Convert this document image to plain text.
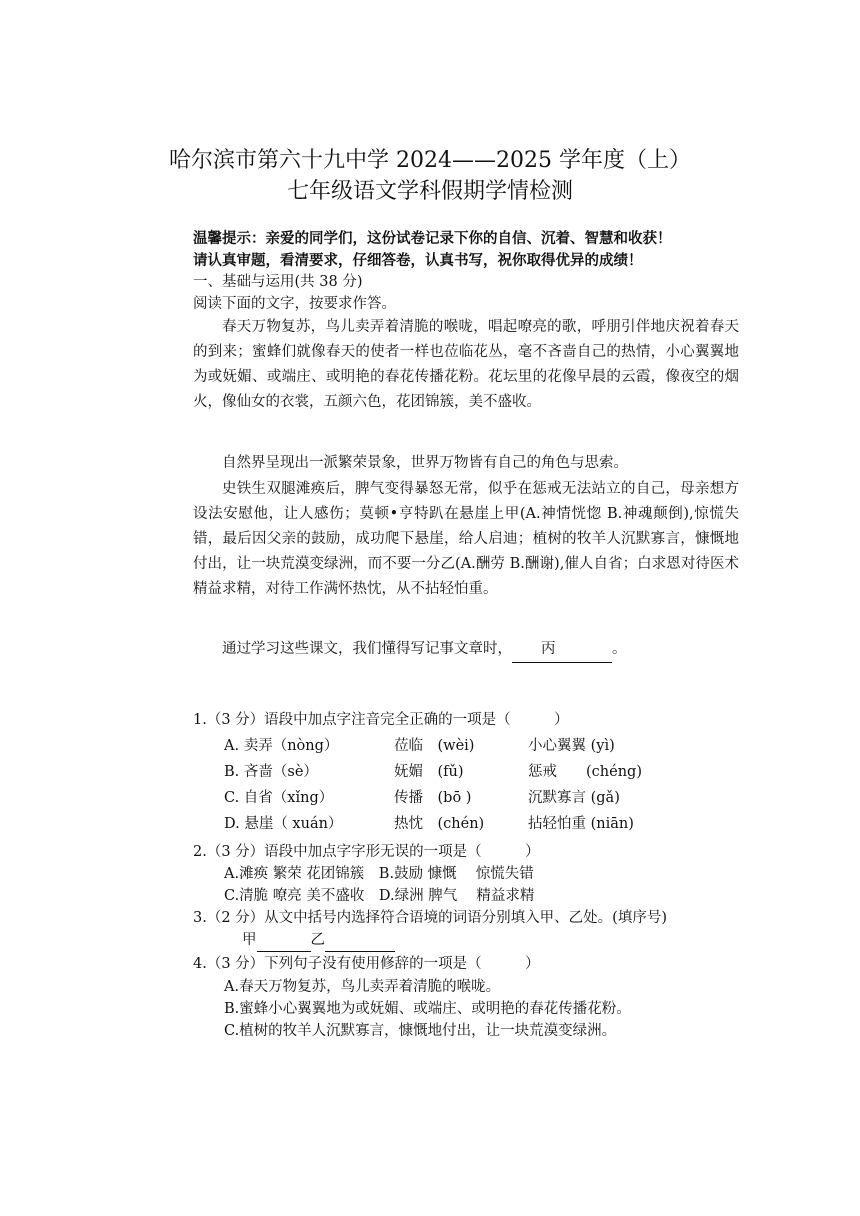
哈尔滨市第六十九中学 2024——2025 学年度（上）
七年级语文学科假期学情检测
温馨提示：亲爱的同学们，这份试卷记录下你的自信、沉着、智慧和收获！
请认真审题，看清要求，仔细答卷，认真书写，祝你取得优异的成绩！
一、基础与运用(共 38 分)
阅读下面的文字，按要求作答。
春天万物复苏，鸟儿卖弄着清脆的喉咙，唱起嘹亮的歌，呼朋引伴地庆祝着春天的到来；蜜蜂们就像春天的使者一样也莅临花丛，毫不吝啬自己的热情，小心翼翼地为或妩媚、或端庄、或明艳的春花传播花粉。花坛里的花像早晨的云霞，像夜空的烟火，像仙女的衣裳，五颜六色，花团锦簇，美不盛收。
自然界呈现出一派繁荣景象，世界万物皆有自己的角色与思索。
史铁生双腿滩痪后，脾气变得暴怒无常，似乎在惩戒无法站立的自己，母亲想方设法安慰他，让人感伤；莫顿•亨特趴在悬崖上甲(A.神情恍惚 B.神魂颠倒),惊慌失错，最后因父亲的鼓励，成功爬下悬崖，给人启迪；植树的牧羊人沉默寡言，慷慨地付出，让一块荒漠变绿洲，而不要一分乙(A.酬劳 B.酬谢),催人自省；白求恩对待医术精益求精，对待工作满怀热忱，从不拈轻怕重。
通过学习这些课文，我们懂得写记事文章时， 丙	。
1.（3 分）语段中加点字注音完全正确的一项是（　　　）
A. 卖弄（nòng）	莅临　(wèi)	小心翼翼 (yì)
B. 吝啬（sè）	妩媚　(fǔ)	惩戒　　(chéng)
C. 自省（xǐng）	传播　(bō )	沉默寡言 (gǎ)
D. 悬崖（ xuán）	热忱　(chén)	拈轻怕重 (niān)
2.（3 分）语段中加点字字形无误的一项是（　　　）
A.滩痪 繁荣 花团锦簇　B.鼓励 慷慨　 惊慌失错
C.清脆 嘹亮 美不盛收　D.绿洲 脾气　 精益求精
3.（2 分）从文中括号内选择符合语境的词语分别填入甲、乙处。(填序号)
甲	乙
4.（3 分）下列句子没有使用修辞的一项是（　　　）
A.春天万物复苏，鸟儿卖弄着清脆的喉咙。
B.蜜蜂小心翼翼地为或妩媚、或端庄、或明艳的春花传播花粉。
C.植树的牧羊人沉默寡言，慷慨地付出，让一块荒漠变绿洲。
